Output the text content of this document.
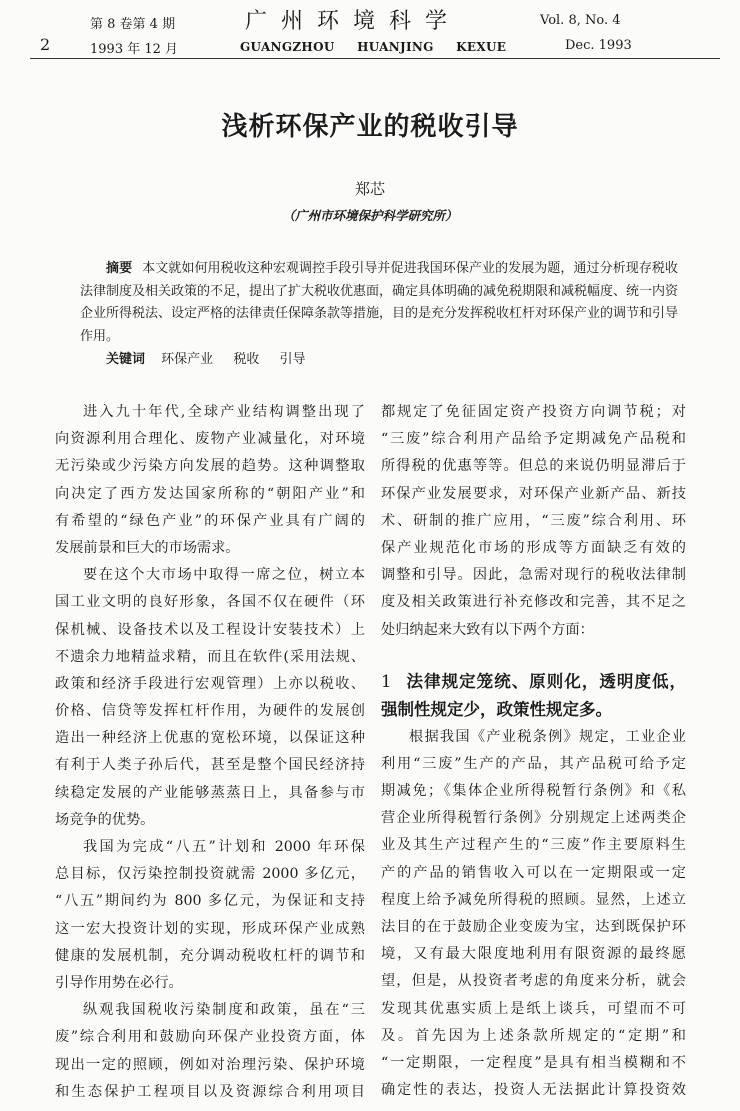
2
第 8 卷第 4 期
1993 年 12 月
广州环境科学
GUANGZHOU HUANJING KEXUE
Vol. 8, No. 4
Dec. 1993
浅析环保产业的税收引导
郑芯
（广州市环境保护科学研究所）
摘要 本文就如何用税收这种宏观调控手段引导并促进我国环保产业的发展为题，通过分析现存税收法律制度及相关政策的不足，提出了扩大税收优惠面，确定具体明确的减免税期限和减税幅度、统一内资企业所得税法、设定严格的法律责任保障条款等措施，目的是充分发挥税收杠杆对环保产业的调节和引导作用。
关键词 环保产业 税收 引导
进入九十年代,全球产业结构调整出现了
向资源利用合理化、废物产业减量化，对环境
无污染或少污染方向发展的趋势。这种调整取
向决定了西方发达国家所称的“朝阳产业”和
有希望的“绿色产业”的环保产业具有广阔的
发展前景和巨大的市场需求。
要在这个大市场中取得一席之位，树立本
国工业文明的良好形象，各国不仅在硬件（环
保机械、设备技术以及工程设计安装技术）上
不遗余力地精益求精，而且在软件(采用法规、
政策和经济手段进行宏观管理）上亦以税收、
价格、信贷等发挥杠杆作用，为硬件的发展创
造出一种经济上优惠的宽松环境，以保证这种
有利于人类子孙后代，甚至是整个国民经济持
续稳定发展的产业能够蒸蒸日上，具备参与市
场竞争的优势。
我国为完成“八五”计划和 2000 年环保
总目标，仅污染控制投资就需 2000 多亿元，
“八五”期间约为 800 多亿元，为保证和支持
这一宏大投资计划的实现，形成环保产业成熟
健康的发展机制，充分调动税收杠杆的调节和
引导作用势在必行。
纵观我国税收污染制度和政策，虽在“三
废”综合利用和鼓励向环保产业投资方面，体
现出一定的照顾，例如对治理污染、保护环境
和生态保护工程项目以及资源综合利用项目
都规定了免征固定资产投资方向调节税；对
“三废”综合利用产品给予定期减免产品税和
所得税的优惠等等。但总的来说仍明显滞后于
环保产业发展要求，对环保产业新产品、新技
术、研制的推广应用，“三废”综合利用、环
保产业规范化市场的形成等方面缺乏有效的
调整和引导。因此，急需对现行的税收法律制
度及相关政策进行补充修改和完善，其不足之
处归纳起来大致有以下两个方面：
1 法律规定笼统、原则化，透明度低，
强制性规定少，政策性规定多。
根据我国《产业税条例》规定，工业企业
利用“三废”生产的产品，其产品税可给予定
期减免；《集体企业所得税暂行条例》和《私
营企业所得税暂行条例》分别规定上述两类企
业及其生产过程产生的“三废”作主要原料生
产的产品的销售收入可以在一定期限或一定
程度上给予减免所得税的照顾。显然，上述立
法目的在于鼓励企业变废为宝，达到既保护环
境，又有最大限度地利用有限资源的最终愿
望，但是，从投资者考虑的角度来分析，就会
发现其优惠实质上是纸上谈兵，可望而不可
及。首先因为上述条款所规定的“定期”和
“一定期限，一定程度”是具有相当模糊和不
确定性的表达，投资人无法据此计算投资效
